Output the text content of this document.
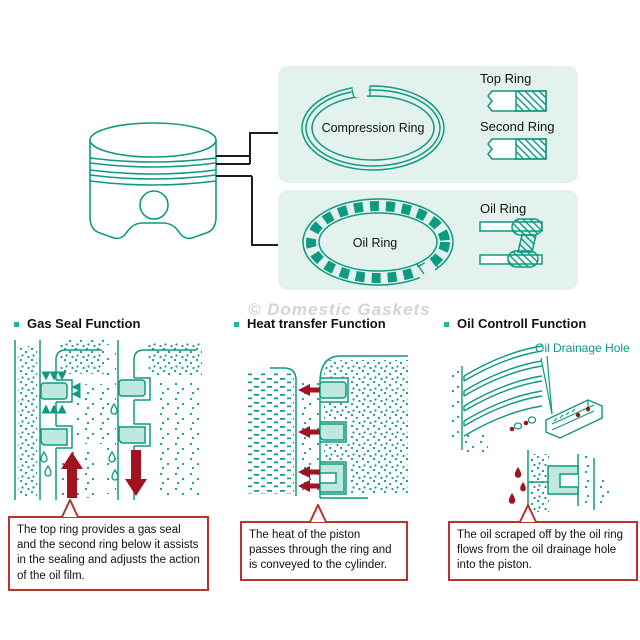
Compression Ring
Top Ring
Second Ring
Oil Ring
Oil Ring
Gas Seal Function	Heat transfer Function	Oil Controll Function
© Domestic Gaskets
Oil Drainage Hole
The top ring provides a gas seal and the second ring below it assists in the sealing and adjusts the action of the oil film.
The heat of the piston passes through the ring and is conveyed to the cylinder.
The oil scraped off by the oil ring flows from the oil drainage hole into the piston.
